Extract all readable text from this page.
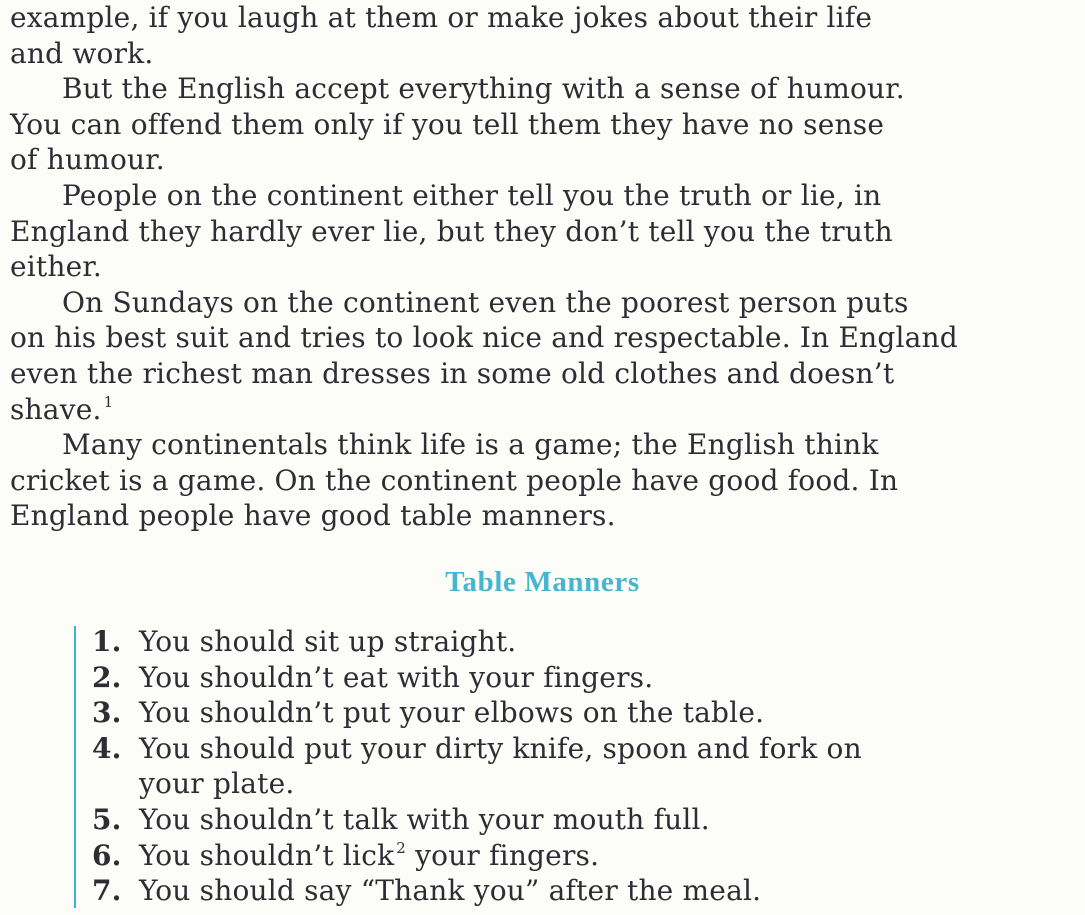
example, if you laugh at them or make jokes about their life
and work.
But the English accept everything with a sense of humour.
You can offend them only if you tell them they have no sense
of humour.
People on the continent either tell you the truth or lie, in
England they hardly ever lie, but they don’t tell you the truth
either.
On Sundays on the continent even the poorest person puts
on his best suit and tries to look nice and respectable. In England
even the richest man dresses in some old clothes and doesn’t
shave. $^1$
Many continentals think life is a game; the English think
cricket is a game. On the continent people have good food. In
England people have good table manners.
Table Manners
1. You should sit up straight.
2. You shouldn’t eat with your fingers.
3. You shouldn’t put your elbows on the table.
4. You should put your dirty knife, spoon and fork on
your plate.
5. You shouldn’t talk with your mouth full.
6. You shouldn’t lick $^2$ your fingers.
7. You should say “Thank you” after the meal.
